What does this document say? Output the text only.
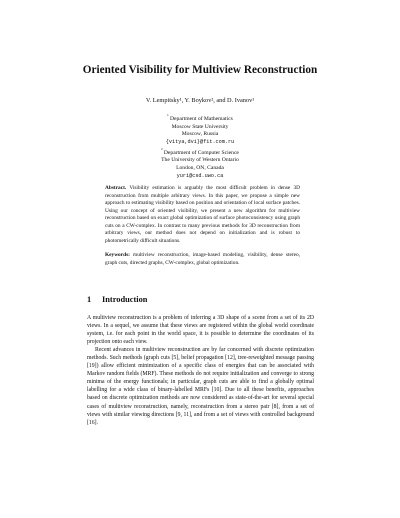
Oriented Visibility for Multiview Reconstruction
V. Lempitsky¹, Y. Boykov², and D. Ivanov¹
$^{^1}$ Department of Mathematics
Moscow State University
Moscow, Russia
{vitya,dvi}@fit.com.ru
$^{^2}$ Department of Computer Science
The University of Western Ontario
London, ON, Canada
yuri@csd.uwo.ca

Abstract. Visibility estimation is arguably the most difficult problem in dense 3D reconstruction from multiple arbitrary views. In this paper, we propose a simple new approach to estimating visibility based on position and orientation of local surface patches. Using our concept of oriented visibility, we present a new algorithm for multiview reconstruction based on exact global optimization of surface photoconsistency using graph cuts on a CW-complex. In contrast to many previous methods for 3D reconstruction from arbitrary views, our method does not depend on initialization and is robust to photometrically difficult situations.

Keywords: multiview reconstruction, image-based modeling, visibility, dense stereo, graph cuts, directed graphs, CW-complex, global optimization.

1 Introduction

A multiview reconstruction is a problem of inferring a 3D shape of a scene from a set of its 2D views. In a sequel, we assume that these views are registered within the global world coordinate system, i.e. for each point in the world space, it is possible to determine the coordinates of its projection onto each view.

Recent advances in multiview reconstruction are by far concerned with discrete optimization methods. Such methods (graph cuts [5], belief propagation [12], tree-reweighted message passing [19]) allow efficient minimization of a specific class of energies that can be associated with Markov random fields (MRF). These methods do not require initialization and converge to strong minima of the energy functionals; in particular, graph cuts are able to find a globally optimal labelling for a wide class of binary-labelled MRFs [10]. Due to all these benefits, approaches based on discrete optimization methods are now considered as state-of-the-art for several special cases of multiview reconstruction, namely, reconstruction from a stereo pair [8], from a set of views with similar viewing directions [9, 11], and from a set of views with controlled background [16].
